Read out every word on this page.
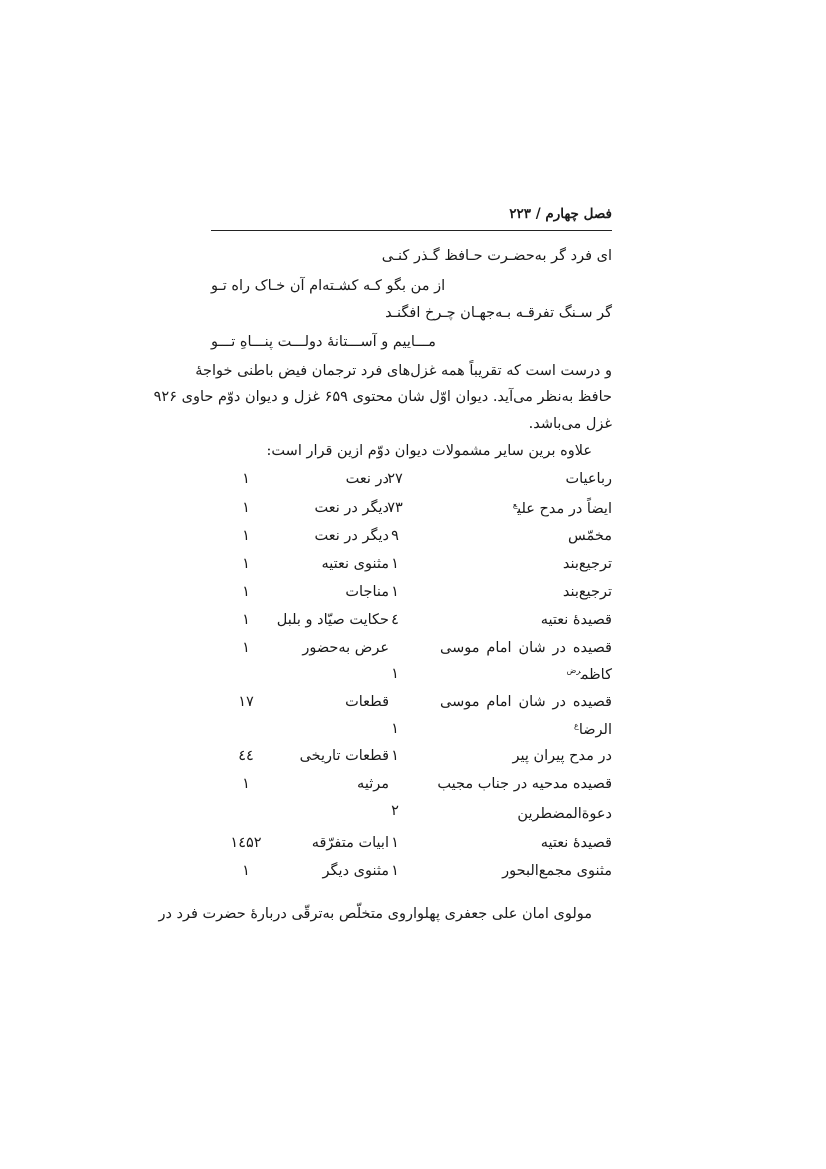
فصل چهارم / ۲۲۳
ای فرد گر به‌حضـرت حـافظ گـذر کنـی
از من بگو کـه کشـته‌ام آن خـاک راه تـو
گر سـنگ تفرقـه بـه‌جهـان چـرخ افگنـد
مـــاییم و آســـتانهٔ دولـــت پنـــاهِ تـــو
و درست است که تقریباً همه غزل‌های فرد ترجمان فیض باطنی خواجهٔ
حافظ به‌نظر می‌آید. دیوان اوّل شان محتوی ۶۵۹ غزل و دیوان دوّم حاوی ۹۲۶
غزل می‌باشد.
علاوه برین سایر مشمولات دیوان دوّم ازین قرار است:
رباعیات
۲۷
در نعت
۱
ایضاً در مدح علی$^ع$
۷۳
دیگر در نعت
۱
مخمّس
۹
دیگر در نعت
۱
ترجیع‌بند
۱
مثنوی نعتیه
۱
ترجیع‌بند
۱
مناجات
۱
قصیدهٔ نعتیه
٤
حکایت صیّاد و بلبل
۱
قصیده در شان امام موسی
کاظم$^{رض}$
۱
عرض به‌حضور
۱
قصیده در شان امام موسی
الرضا$^ع$
۱
قطعات
۱۷
در مدح پیران پیر
۱
قطعات تاریخی
٤٤
قصیده مدحیه در جناب مجیب
دعوة‌المضطرین
۲
مرثیه
۱
قصیدهٔ نعتیه
۱
ابیات متفرّقه
۱٤۵۲
مثنوی مجمع‌البحور
۱
مثنوی دیگر
۱
مولوی امان علی جعفری پهلواروی متخلّص به‌ترقّی دربارهٔ حضرت فرد در
